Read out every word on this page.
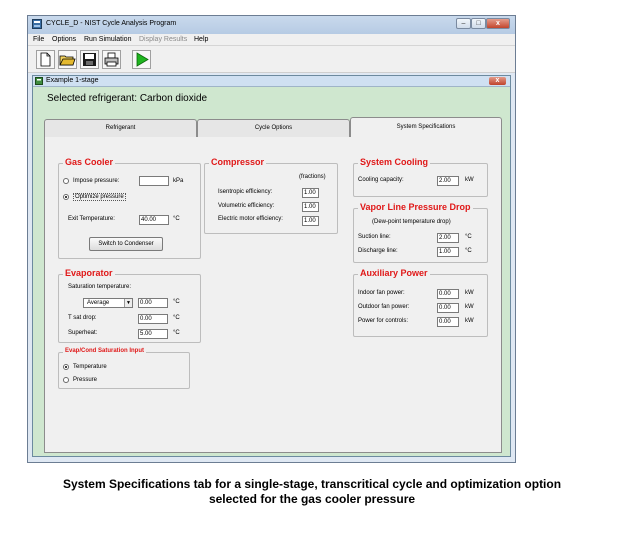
CYCLE_D - NIST Cycle Analysis Program	–	□	x
File Options Run Simulation Display Results Help
Example 1-stage	x
Selected refrigerant: Carbon dioxide
Refrigerant	Cycle Options	System Specifications
Gas Cooler
Impose pressure:	kPa
Optimize pressure
Exit Temperature:	40.00	°C
Switch to Condenser
Compressor
(fractions)
Isentropic efficiency:	1.00
Volumetric efficiency:	1.00
Electric motor efficiency:	1.00
System Cooling
Cooling capacity:	2.00	kW
Vapor Line Pressure Drop
(Dew-point temperature drop)
Suction line:	2.00	°C
Discharge line:	1.00	°C
Evaporator
Saturation temperature:
Average	▼	0.00	°C
T sat drop:	0.00	°C
Superheat:	5.00	°C
Auxiliary Power
Indoor fan power:	0.00	kW
Outdoor fan power:	0.00	kW
Power for controls:	0.00	kW
Evap/Cond Saturation Input
Temperature
Pressure
System Specifications tab for a single-stage, transcritical cycle and optimization option
selected for the gas cooler pressure
